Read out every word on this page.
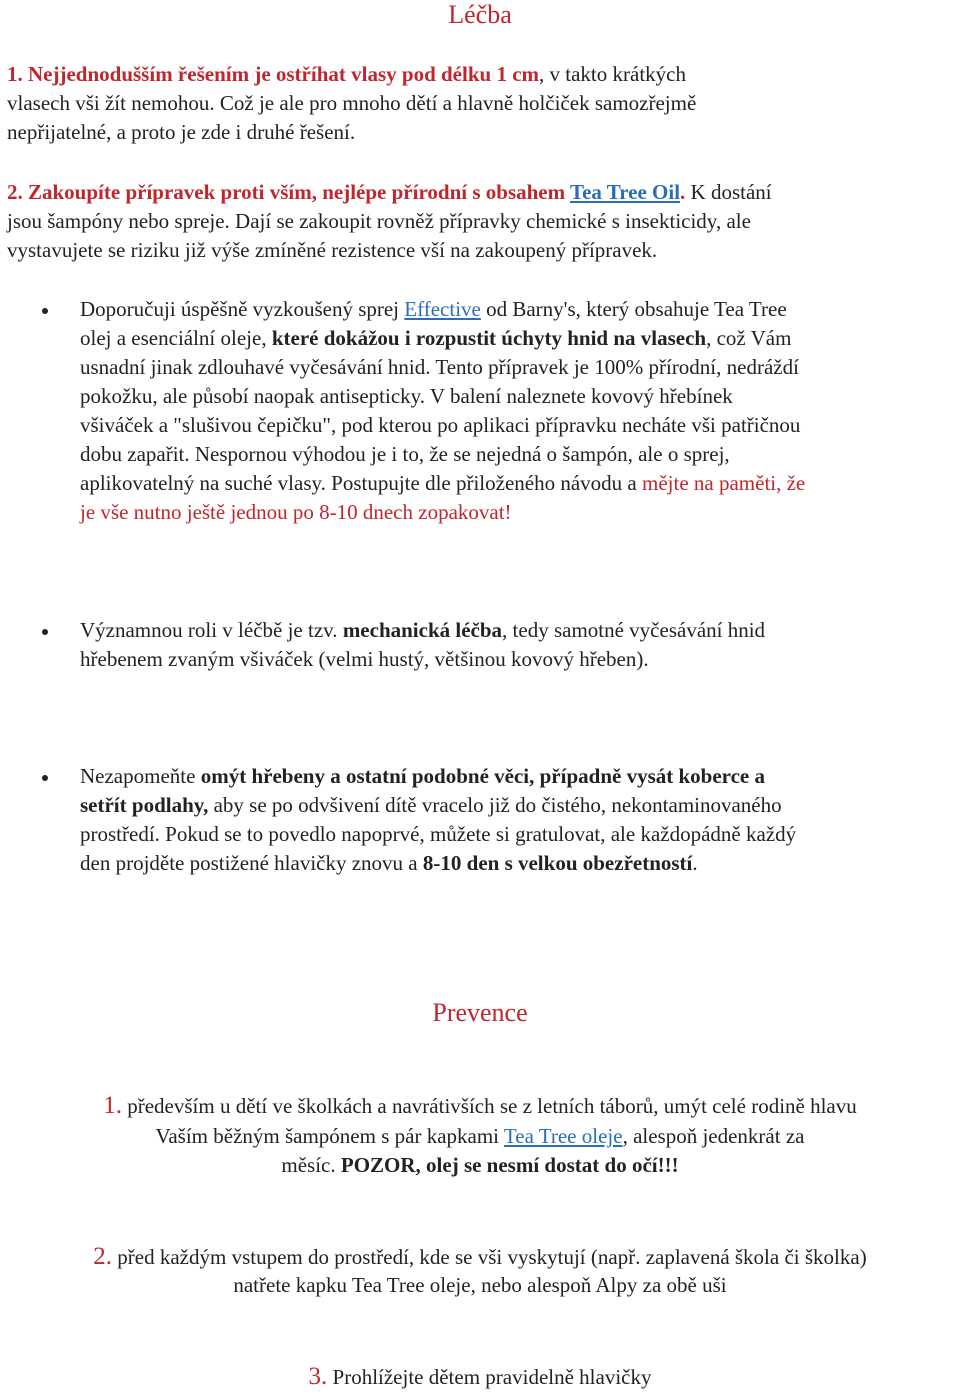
Léčba
1. Nejjednodušším řešením je ostříhat vlasy pod délku 1 cm, v takto krátkých
vlasech vši žít nemohou. Což je ale pro mnoho dětí a hlavně holčiček samozřejmě
nepřijatelné, a proto je zde i druhé řešení.
2. Zakoupíte přípravek proti vším, nejlépe přírodní s obsahem Tea Tree Oil. K dostání
jsou šampóny nebo spreje. Dají se zakoupit rovněž přípravky chemické s insekticidy, ale
vystavujete se riziku již výše zmíněné rezistence vší na zakoupený přípravek.
Doporučuji úspěšně vyzkoušený sprej Effective od Barny's, který obsahuje Tea Tree
olej a esenciální oleje, které dokážou i rozpustit úchyty hnid na vlasech, což Vám
usnadní jinak zdlouhavé vyčesávání hnid. Tento přípravek je 100% přírodní, nedráždí
pokožku, ale působí naopak antisepticky. V balení naleznete kovový hřebínek
všiváček a "slušivou čepičku", pod kterou po aplikaci přípravku necháte vši patřičnou
dobu zapařit. Nespornou výhodou je i to, že se nejedná o šampón, ale o sprej,
aplikovatelný na suché vlasy. Postupujte dle přiloženého návodu a mějte na paměti, že
je vše nutno ještě jednou po 8-10 dnech zopakovat!
Významnou roli v léčbě je tzv. mechanická léčba, tedy samotné vyčesávání hnid
hřebenem zvaným všiváček (velmi hustý, většinou kovový hřeben).
Nezapomeňte omýt hřebeny a ostatní podobné věci, případně vysát koberce a
setřít podlahy, aby se po odvšivení dítě vracelo již do čistého, nekontaminovaného
prostředí. Pokud se to povedlo napoprvé, můžete si gratulovat, ale každopádně každý
den projděte postižené hlavičky znovu a 8-10 den s velkou obezřetností.
Prevence
1. především u dětí ve školkách a navrátivších se z letních táborů, umýt celé rodině hlavu
Vaším běžným šampónem s pár kapkami Tea Tree oleje, alespoň jedenkrát za
měsíc. POZOR, olej se nesmí dostat do očí!!!
2. před každým vstupem do prostředí, kde se vši vyskytují (např. zaplavená škola či školka)
natřete kapku Tea Tree oleje, nebo alespoň Alpy za obě uši
3. Prohlížejte dětem pravidelně hlavičky
